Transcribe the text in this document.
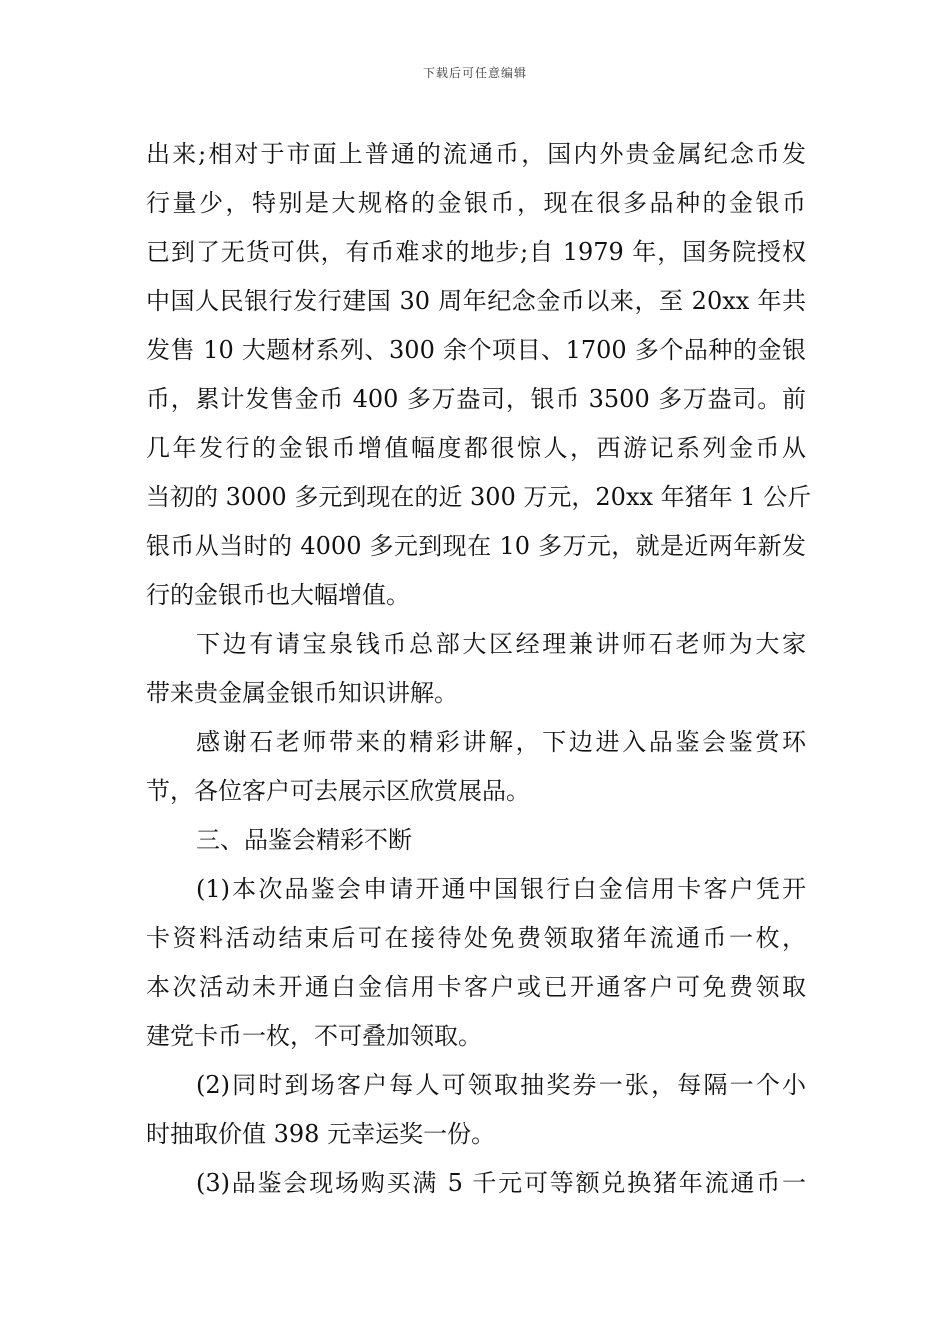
下载后可任意编辑
出来;相对于市面上普通的流通币，国内外贵金属纪念币发
行量少，特别是大规格的金银币，现在很多品种的金银币
已到了无货可供，有币难求的地步;自 1979 年，国务院授权
中国人民银行发行建国 30 周年纪念金币以来，至 20xx 年共
发售 10 大题材系列、300 余个项目、1700 多个品种的金银
币，累计发售金币 400 多万盎司，银币 3500 多万盎司。前
几年发行的金银币增值幅度都很惊人，西游记系列金币从
当初的 3000 多元到现在的近 300 万元，20xx 年猪年 1 公斤
银币从当时的 4000 多元到现在 10 多万元，就是近两年新发
行的金银币也大幅增值。
下边有请宝泉钱币总部大区经理兼讲师石老师为大家
带来贵金属金银币知识讲解。
感谢石老师带来的精彩讲解，下边进入品鉴会鉴赏环
节，各位客户可去展示区欣赏展品。
三、品鉴会精彩不断
(1)本次品鉴会申请开通中国银行白金信用卡客户凭开
卡资料活动结束后可在接待处免费领取猪年流通币一枚，
本次活动未开通白金信用卡客户或已开通客户可免费领取
建党卡币一枚，不可叠加领取。
(2)同时到场客户每人可领取抽奖券一张，每隔一个小
时抽取价值 398 元幸运奖一份。
(3)品鉴会现场购买满 5 千元可等额兑换猪年流通币一
